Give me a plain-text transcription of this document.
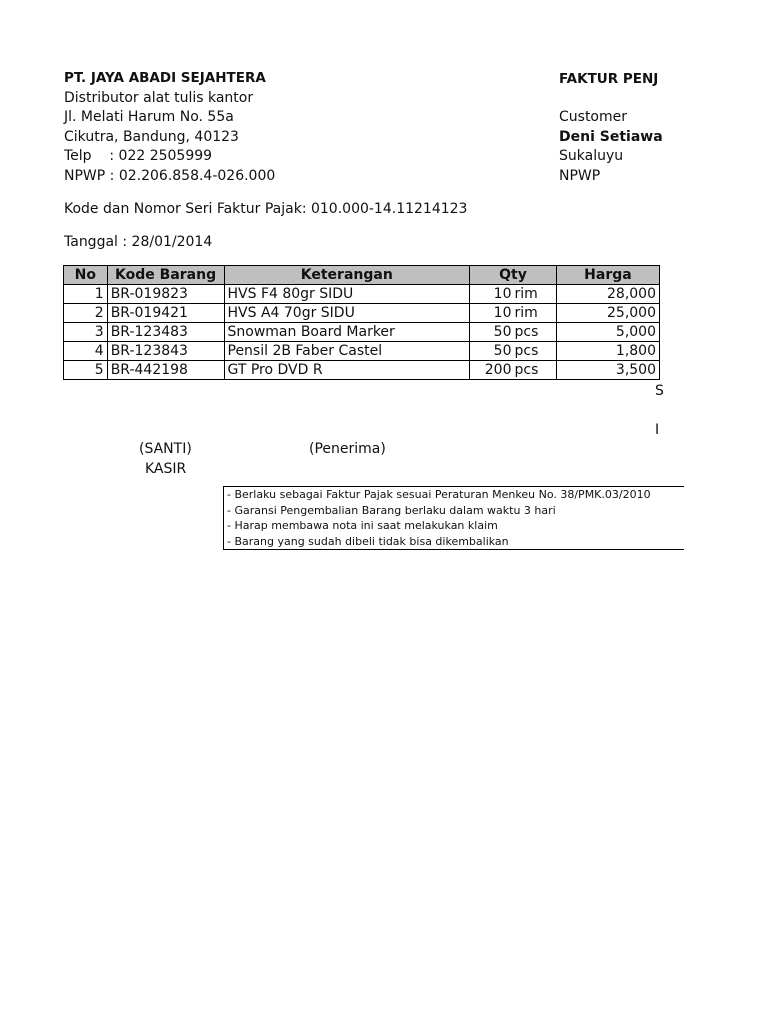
PT. JAYA ABADI SEJAHTERA
Distributor alat tulis kantor
Jl. Melati Harum No. 55a
Cikutra, Bandung, 40123
Telp    : 022 2505999
NPWP : 02.206.858.4-026.000
FAKTUR PENJ
Customer
Deni Setiawa
Sukaluyu
NPWP
Kode dan Nomor Seri Faktur Pajak: 010.000-14.11214123
Tanggal : 28/01/2014
No	Kode Barang	Keterangan	Qty	Harga
1	BR-019823	HVS F4 80gr SIDU	10 rim	28,000
2	BR-019421	HVS A4 70gr SIDU	10 rim	25,000
3	BR-123483	Snowman Board Marker	50 pcs	5,000
4	BR-123843	Pensil 2B Faber Castel	50 pcs	1,800
5	BR-442198	GT Pro DVD R	200 pcs	3,500
S
I
(SANTI)
KASIR
(Penerima)
- Berlaku sebagai Faktur Pajak sesuai Peraturan Menkeu No. 38/PMK.03/2010
- Garansi Pengembalian Barang berlaku dalam waktu 3 hari
- Harap membawa nota ini saat melakukan klaim
- Barang yang sudah dibeli tidak bisa dikembalikan
